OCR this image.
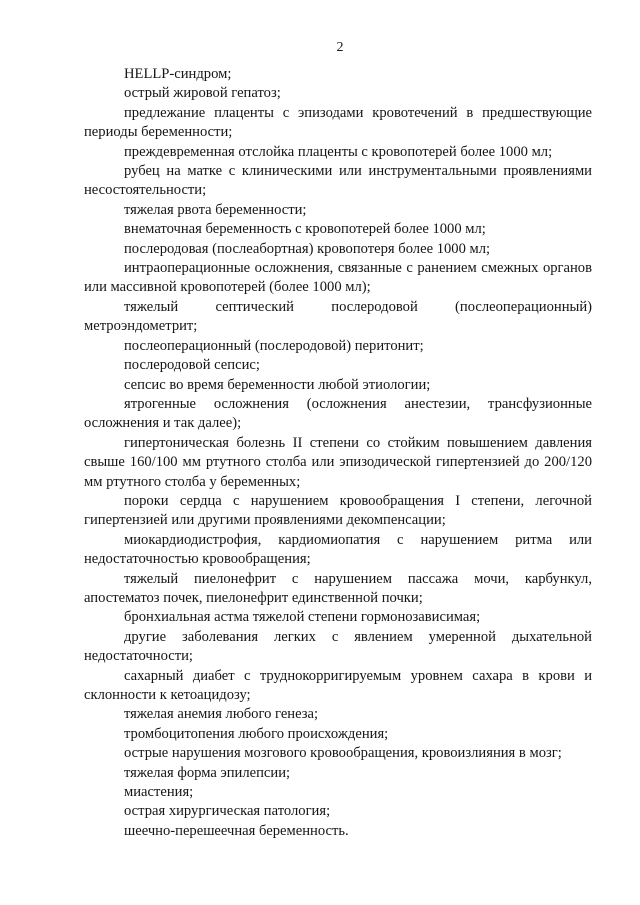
2

HELLP-синдром;

острый жировой гепатоз;

предлежание плаценты с эпизодами кровотечений в предшествующие периоды беременности;

преждевременная отслойка плаценты с кровопотерей более 1000 мл;

рубец на матке с клиническими или инструментальными проявлениями несостоятельности;

тяжелая рвота беременности;

внематочная беременность с кровопотерей более 1000 мл;

послеродовая (послеабортная) кровопотеря более 1000 мл;

интраоперационные осложнения, связанные с ранением смежных органов или массивной кровопотерей (более 1000 мл);

тяжелый септический послеродовой (послеоперационный) метроэндометрит;

послеоперационный (послеродовой) перитонит;

послеродовой сепсис;

сепсис во время беременности любой этиологии;

ятрогенные осложнения (осложнения анестезии, трансфузионные осложнения и так далее);

гипертоническая болезнь II степени со стойким повышением давления свыше 160/100 мм ртутного столба или эпизодической гипертензией до 200/120 мм ртутного столба у беременных;

пороки сердца с нарушением кровообращения I степени, легочной гипертензией или другими проявлениями декомпенсации;

миокардиодистрофия, кардиомиопатия с нарушением ритма или недостаточностью кровообращения;

тяжелый пиелонефрит с нарушением пассажа мочи, карбункул, апостематоз почек, пиелонефрит единственной почки;

бронхиальная астма тяжелой степени гормонозависимая;

другие заболевания легких с явлением умеренной дыхательной недостаточности;

сахарный диабет с труднокорригируемым уровнем сахара в крови и склонности к кетоацидозу;

тяжелая анемия любого генеза;

тромбоцитопения любого происхождения;

острые нарушения мозгового кровообращения, кровоизлияния в мозг;

тяжелая форма эпилепсии;

миастения;

острая хирургическая патология;

шеечно-перешеечная беременность.
